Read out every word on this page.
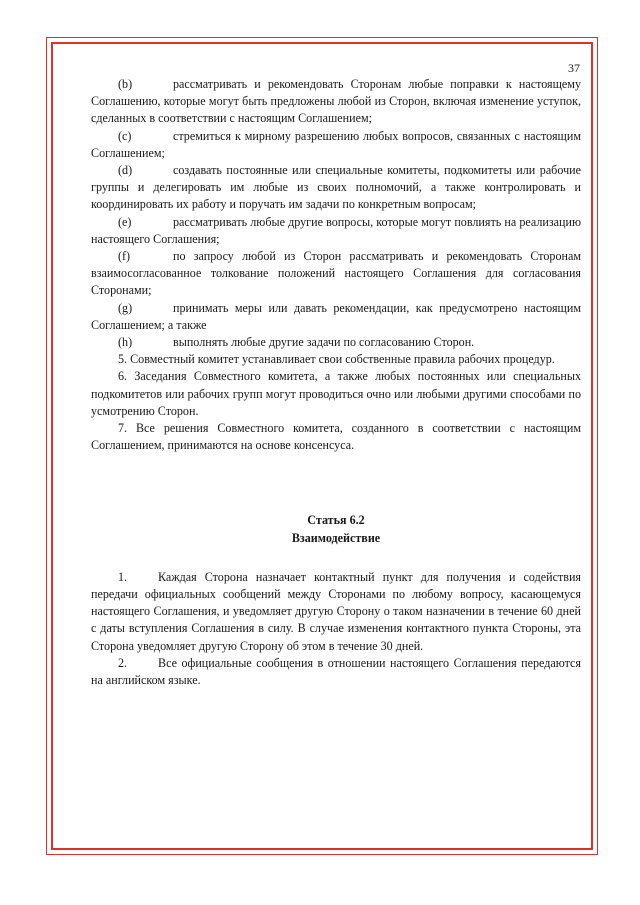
37

(b)	рассматривать и рекомендовать Сторонам любые поправки к настоящему Соглашению, которые могут быть предложены любой из Сторон, включая изменение уступок, сделанных в соответствии с настоящим Соглашением;

(c)	стремиться к мирному разрешению любых вопросов, связанных с настоящим Соглашением;

(d)	создавать постоянные или специальные комитеты, подкомитеты или рабочие группы и делегировать им любые из своих полномочий, а также контролировать и координировать их работу и поручать им задачи по конкретным вопросам;

(e)	рассматривать любые другие вопросы, которые могут повлиять на реализацию настоящего Соглашения;

(f)	по запросу любой из Сторон рассматривать и рекомендовать Сторонам взаимосогласованное толкование положений настоящего Соглашения для согласования Сторонами;

(g)	принимать меры или давать рекомендации, как предусмотрено настоящим Соглашением; а также

(h)	выполнять любые другие задачи по согласованию Сторон.

5. Совместный комитет устанавливает свои собственные правила рабочих процедур.

6. Заседания Совместного комитета, а также любых постоянных или специальных подкомитетов или рабочих групп могут проводиться очно или любыми другими способами по усмотрению Сторон.

7. Все решения Совместного комитета, созданного в соответствии с настоящим Соглашением, принимаются на основе консенсуса.

Статья 6.2
Взаимодействие

1.	Каждая Сторона назначает контактный пункт для получения и содействия передачи официальных сообщений между Сторонами по любому вопросу, касающемуся настоящего Соглашения, и уведомляет другую Сторону о таком назначении в течение 60 дней с даты вступления Соглашения в силу. В случае изменения контактного пункта Стороны, эта Сторона уведомляет другую Сторону об этом в течение 30 дней.

2.	Все официальные сообщения в отношении настоящего Соглашения передаются на английском языке.
